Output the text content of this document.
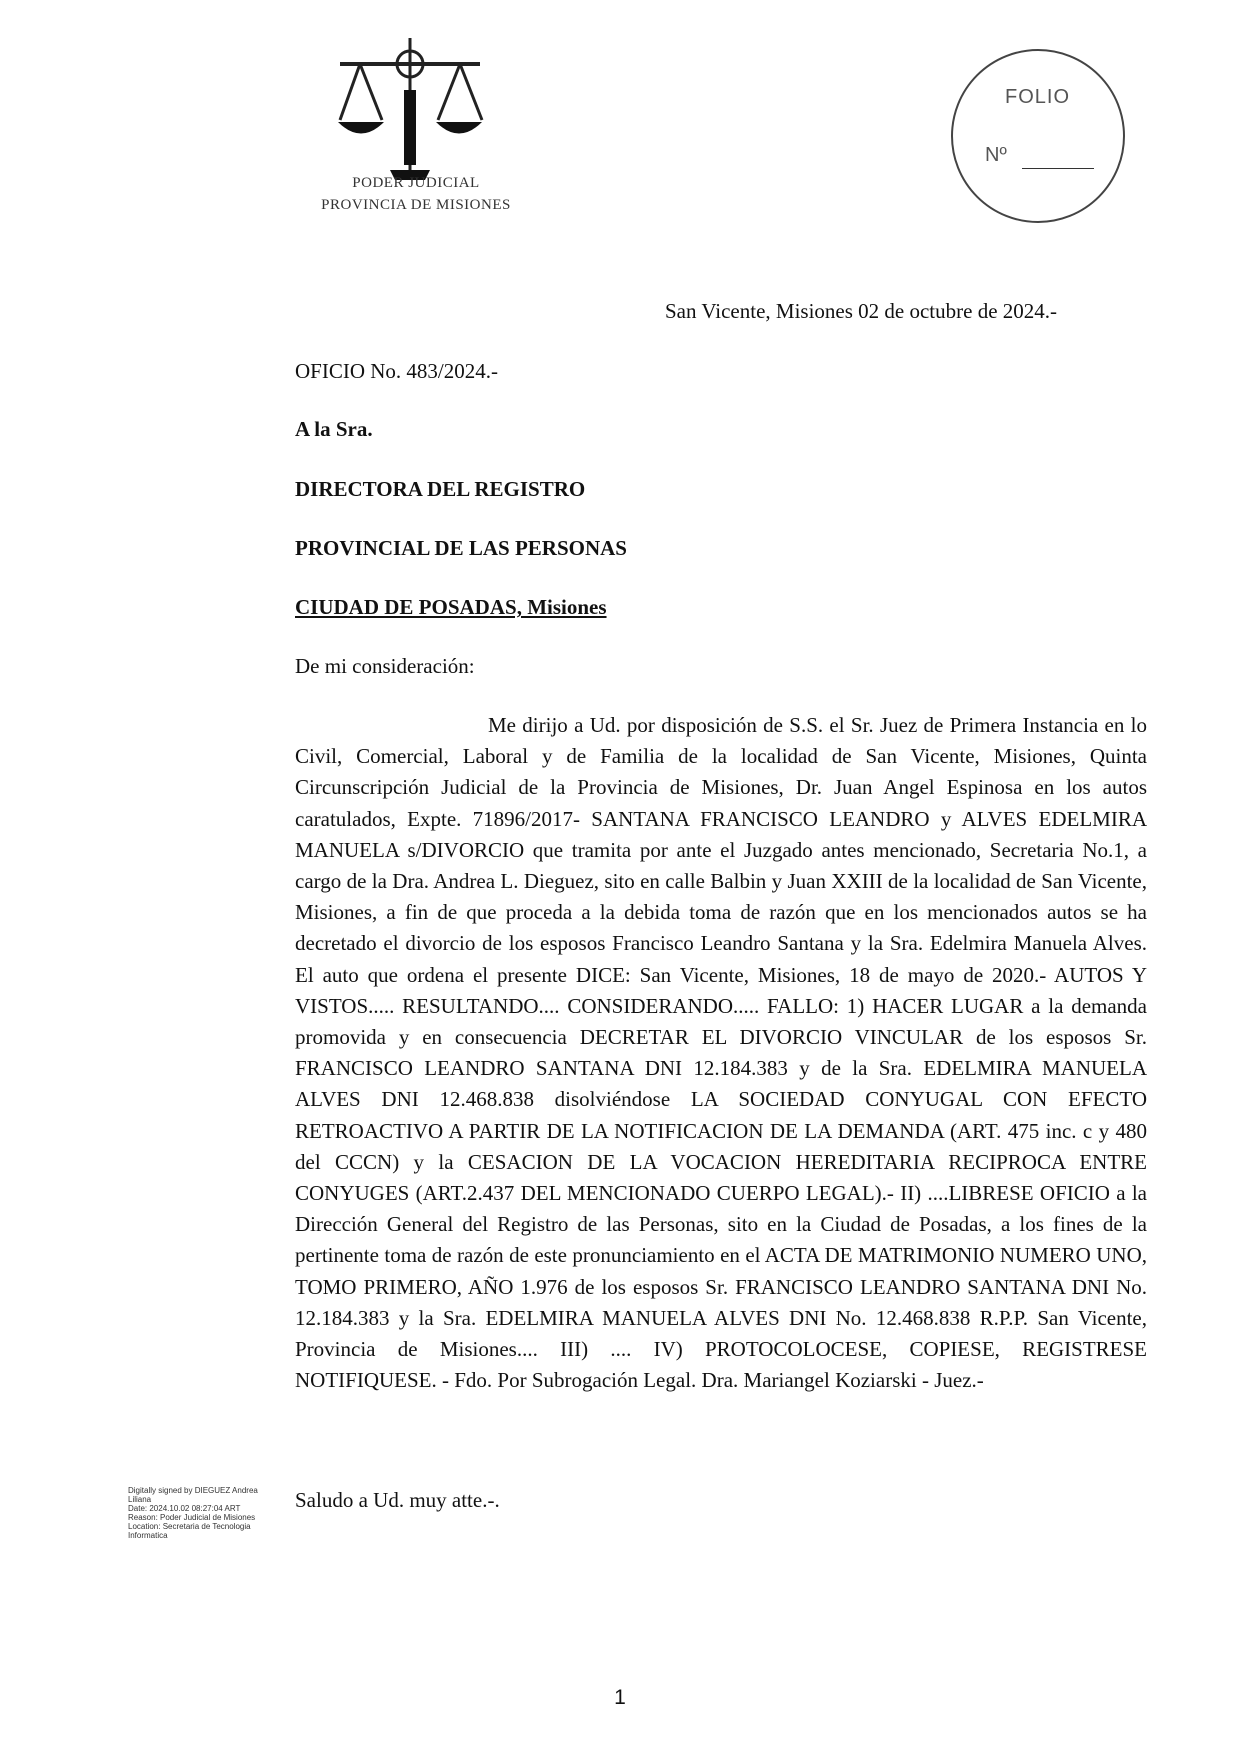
PODER JUDICIAL
PROVINCIA DE MISIONES
FOLIO
Nº
San Vicente, Misiones 02 de octubre de 2024.-
OFICIO No. 483/2024.-
A la Sra.
DIRECTORA DEL REGISTRO
PROVINCIAL DE LAS PERSONAS
CIUDAD DE POSADAS, Misiones
De mi consideración:

Me dirijo a Ud. por disposición de S.S. el Sr. Juez de Primera Instancia en lo Civil, Comercial, Laboral y de Familia de la localidad de San Vicente, Misiones, Quinta Circunscripción Judicial de la Provincia de Misiones, Dr. Juan Angel Espinosa en los autos caratulados, Expte. 71896/2017- SANTANA FRANCISCO LEANDRO y ALVES EDELMIRA MANUELA s/DIVORCIO que tramita por ante el Juzgado antes mencionado, Secretaria No.1, a cargo de la Dra. Andrea L. Dieguez, sito en calle Balbin y Juan XXIII de la localidad de San Vicente, Misiones, a fin de que proceda a la debida toma de razón que en los mencionados autos se ha decretado el divorcio de los esposos Francisco Leandro Santana y la Sra. Edelmira Manuela Alves. El auto que ordena el presente DICE: San Vicente, Misiones, 18 de mayo de 2020.- AUTOS Y VISTOS..... RESULTANDO.... CONSIDERANDO..... FALLO: 1) HACER LUGAR a la demanda promovida y en consecuencia DECRETAR EL DIVORCIO VINCULAR de los esposos Sr. FRANCISCO LEANDRO SANTANA DNI 12.184.383 y de la Sra. EDELMIRA MANUELA ALVES DNI 12.468.838 disolviéndose LA SOCIEDAD CONYUGAL CON EFECTO RETROACTIVO A PARTIR DE LA NOTIFICACION DE LA DEMANDA (ART. 475 inc. c y 480 del CCCN) y la CESACION DE LA VOCACION HEREDITARIA RECIPROCA ENTRE CONYUGES (ART.2.437 DEL MENCIONADO CUERPO LEGAL).- II) ....LIBRESE OFICIO a la Dirección General del Registro de las Personas, sito en la Ciudad de Posadas, a los fines de la pertinente toma de razón de este pronunciamiento en el ACTA DE MATRIMONIO NUMERO UNO, TOMO PRIMERO, AÑO 1.976 de los esposos Sr. FRANCISCO LEANDRO SANTANA DNI No. 12.184.383 y la Sra. EDELMIRA MANUELA ALVES DNI No. 12.468.838 R.P.P. San Vicente, Provincia de Misiones.... III) .... IV) PROTOCOLOCESE, COPIESE, REGISTRESE NOTIFIQUESE. - Fdo. Por Subrogación Legal. Dra. Mariangel Koziarski - Juez.-

Saludo a Ud. muy atte.-.
Digitally signed by DIEGUEZ Andrea Liliana
Date: 2024.10.02 08:27:04 ART
Reason: Poder Judicial de Misiones
Location: Secretaria de Tecnologia Informatica
1
